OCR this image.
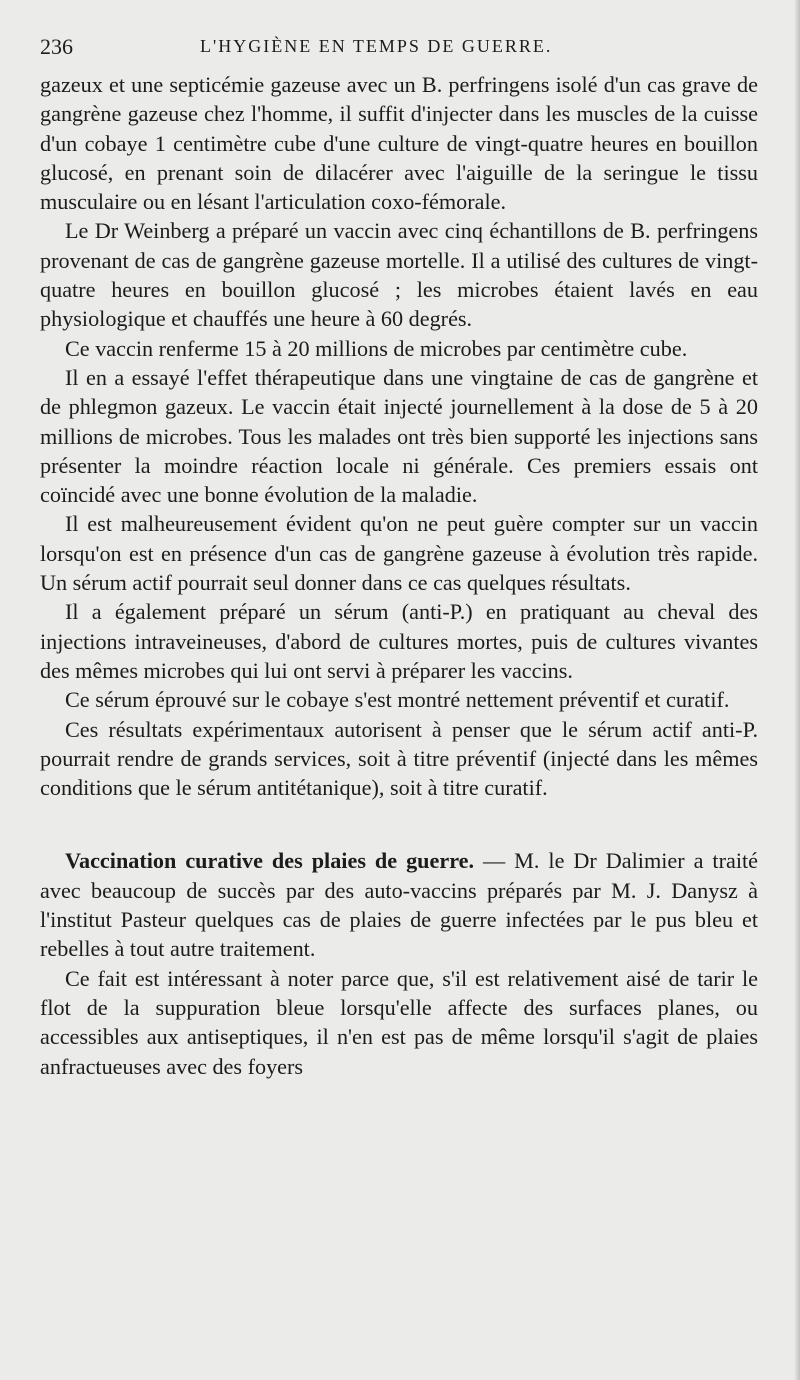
236	L'HYGIÈNE EN TEMPS DE GUERRE.

gazeux et une septicémie gazeuse avec un B. perfringens isolé d'un cas grave de gangrène gazeuse chez l'homme, il suffit d'injecter dans les muscles de la cuisse d'un cobaye 1 centimètre cube d'une culture de vingt-quatre heures en bouillon glucosé, en prenant soin de dilacérer avec l'aiguille de la seringue le tissu musculaire ou en lésant l'articulation coxo-fémorale.

Le Dr Weinberg a préparé un vaccin avec cinq échantillons de B. perfringens provenant de cas de gangrène gazeuse mortelle. Il a utilisé des cultures de vingt-quatre heures en bouillon glucosé ; les microbes étaient lavés en eau physiologique et chauffés une heure à 60 degrés.

Ce vaccin renferme 15 à 20 millions de microbes par centimètre cube.

Il en a essayé l'effet thérapeutique dans une vingtaine de cas de gangrène et de phlegmon gazeux. Le vaccin était injecté journellement à la dose de 5 à 20 millions de microbes. Tous les malades ont très bien supporté les injections sans présenter la moindre réaction locale ni générale. Ces premiers essais ont coïncidé avec une bonne évolution de la maladie.

Il est malheureusement évident qu'on ne peut guère compter sur un vaccin lorsqu'on est en présence d'un cas de gangrène gazeuse à évolution très rapide. Un sérum actif pourrait seul donner dans ce cas quelques résultats.

Il a également préparé un sérum (anti-P.) en pratiquant au cheval des injections intraveineuses, d'abord de cultures mortes, puis de cultures vivantes des mêmes microbes qui lui ont servi à préparer les vaccins.

Ce sérum éprouvé sur le cobaye s'est montré nettement préventif et curatif.

Ces résultats expérimentaux autorisent à penser que le sérum actif anti-P. pourrait rendre de grands services, soit à titre préventif (injecté dans les mêmes conditions que le sérum antitétanique), soit à titre curatif.

Vaccination curative des plaies de guerre. — M. le Dr Dalimier a traité avec beaucoup de succès par des auto-vaccins préparés par M. J. Danysz à l'institut Pasteur quelques cas de plaies de guerre infectées par le pus bleu et rebelles à tout autre traitement.

Ce fait est intéressant à noter parce que, s'il est relativement aisé de tarir le flot de la suppuration bleue lorsqu'elle affecte des surfaces planes, ou accessibles aux antiseptiques, il n'en est pas de même lorsqu'il s'agit de plaies anfractueuses avec des foyers
